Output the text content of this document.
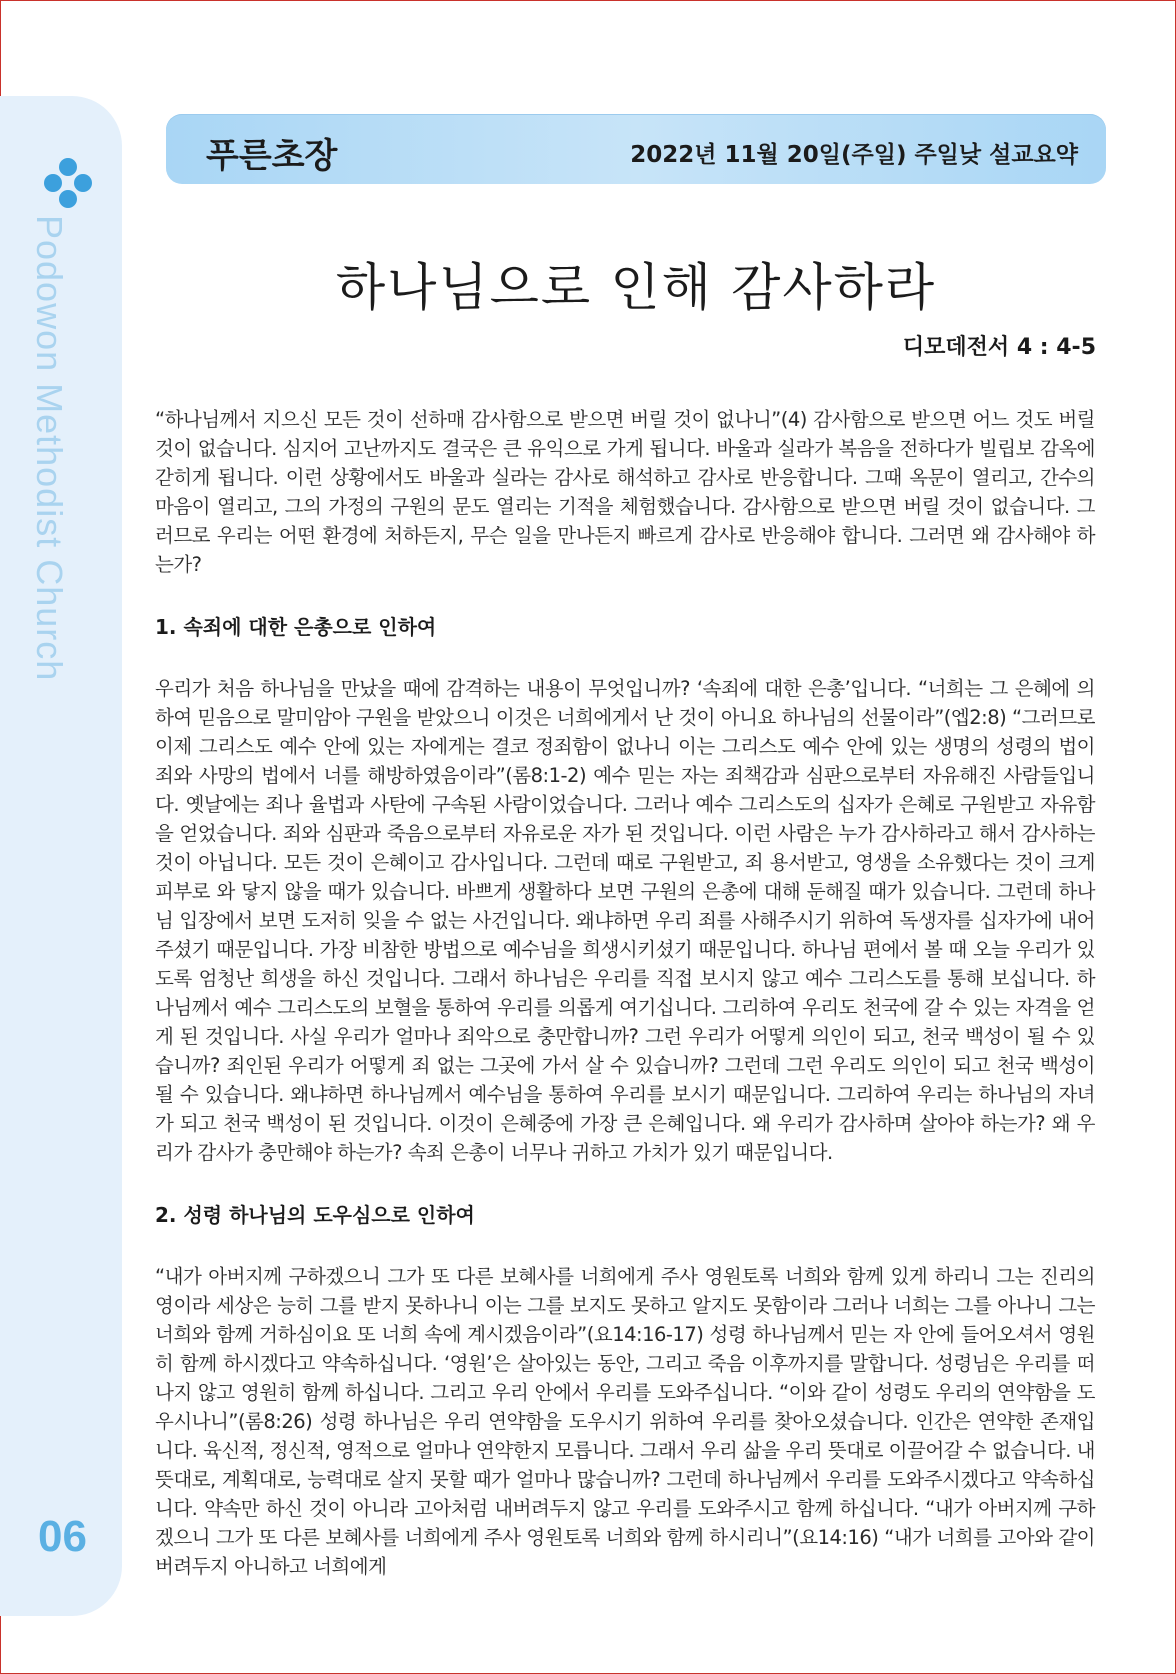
Podowon Methodist Church
06
푸른초장	2022년 11월 20일(주일) 주일낮 설교요약
하나님으로 인해 감사하라
디모데전서 4 : 4-5

“하나님께서 지으신 모든 것이 선하매 감사함으로 받으면 버릴 것이 없나니”(4) 감사함으로 받으면 어느 것도 버릴 것이 없습니다. 심지어 고난까지도 결국은 큰 유익으로 가게 됩니다. 바울과 실라가 복음을 전하다가 빌립보 감옥에 갇히게 됩니다. 이런 상황에서도 바울과 실라는 감사로 해석하고 감사로 반응합니다. 그때 옥문이 열리고, 간수의 마음이 열리고, 그의 가정의 구원의 문도 열리는 기적을 체험했습니다. 감사함으로 받으면 버릴 것이 없습니다. 그러므로 우리는 어떤 환경에 처하든지, 무슨 일을 만나든지 빠르게 감사로 반응해야 합니다. 그러면 왜 감사해야 하는가?

1. 속죄에 대한 은총으로 인하여

우리가 처음 하나님을 만났을 때에 감격하는 내용이 무엇입니까? ‘속죄에 대한 은총’입니다. “너희는 그 은혜에 의하여 믿음으로 말미암아 구원을 받았으니 이것은 너희에게서 난 것이 아니요 하나님의 선물이라”(엡2:8) “그러므로 이제 그리스도 예수 안에 있는 자에게는 결코 정죄함이 없나니 이는 그리스도 예수 안에 있는 생명의 성령의 법이 죄와 사망의 법에서 너를 해방하였음이라”(롬8:1-2) 예수 믿는 자는 죄책감과 심판으로부터 자유해진 사람들입니다. 옛날에는 죄나 율법과 사탄에 구속된 사람이었습니다. 그러나 예수 그리스도의 십자가 은혜로 구원받고 자유함을 얻었습니다. 죄와 심판과 죽음으로부터 자유로운 자가 된 것입니다. 이런 사람은 누가 감사하라고 해서 감사하는 것이 아닙니다. 모든 것이 은혜이고 감사입니다. 그런데 때로 구원받고, 죄 용서받고, 영생을 소유했다는 것이 크게 피부로 와 닿지 않을 때가 있습니다. 바쁘게 생활하다 보면 구원의 은총에 대해 둔해질 때가 있습니다. 그런데 하나님 입장에서 보면 도저히 잊을 수 없는 사건입니다. 왜냐하면 우리 죄를 사해주시기 위하여 독생자를 십자가에 내어주셨기 때문입니다. 가장 비참한 방법으로 예수님을 희생시키셨기 때문입니다. 하나님 편에서 볼 때 오늘 우리가 있도록 엄청난 희생을 하신 것입니다. 그래서 하나님은 우리를 직접 보시지 않고 예수 그리스도를 통해 보십니다. 하나님께서 예수 그리스도의 보혈을 통하여 우리를 의롭게 여기십니다. 그리하여 우리도 천국에 갈 수 있는 자격을 얻게 된 것입니다. 사실 우리가 얼마나 죄악으로 충만합니까? 그런 우리가 어떻게 의인이 되고, 천국 백성이 될 수 있습니까? 죄인된 우리가 어떻게 죄 없는 그곳에 가서 살 수 있습니까? 그런데 그런 우리도 의인이 되고 천국 백성이 될 수 있습니다. 왜냐하면 하나님께서 예수님을 통하여 우리를 보시기 때문입니다. 그리하여 우리는 하나님의 자녀가 되고 천국 백성이 된 것입니다. 이것이 은혜중에 가장 큰 은혜입니다. 왜 우리가 감사하며 살아야 하는가? 왜 우리가 감사가 충만해야 하는가? 속죄 은총이 너무나 귀하고 가치가 있기 때문입니다.

2. 성령 하나님의 도우심으로 인하여

“내가 아버지께 구하겠으니 그가 또 다른 보혜사를 너희에게 주사 영원토록 너희와 함께 있게 하리니 그는 진리의 영이라 세상은 능히 그를 받지 못하나니 이는 그를 보지도 못하고 알지도 못함이라 그러나 너희는 그를 아나니 그는 너희와 함께 거하심이요 또 너희 속에 계시겠음이라”(요14:16-17) 성령 하나님께서 믿는 자 안에 들어오셔서 영원히 함께 하시겠다고 약속하십니다. ‘영원’은 살아있는 동안, 그리고 죽음 이후까지를 말합니다. 성령님은 우리를 떠나지 않고 영원히 함께 하십니다. 그리고 우리 안에서 우리를 도와주십니다. “이와 같이 성령도 우리의 연약함을 도우시나니”(롬8:26) 성령 하나님은 우리 연약함을 도우시기 위하여 우리를 찾아오셨습니다. 인간은 연약한 존재입니다. 육신적, 정신적, 영적으로 얼마나 연약한지 모릅니다. 그래서 우리 삶을 우리 뜻대로 이끌어갈 수 없습니다. 내 뜻대로, 계획대로, 능력대로 살지 못할 때가 얼마나 많습니까? 그런데 하나님께서 우리를 도와주시겠다고 약속하십니다. 약속만 하신 것이 아니라 고아처럼 내버려두지 않고 우리를 도와주시고 함께 하십니다. “내가 아버지께 구하겠으니 그가 또 다른 보혜사를 너희에게 주사 영원토록 너희와 함께 하시리니”(요14:16) “내가 너희를 고아와 같이 버려두지 아니하고 너희에게
